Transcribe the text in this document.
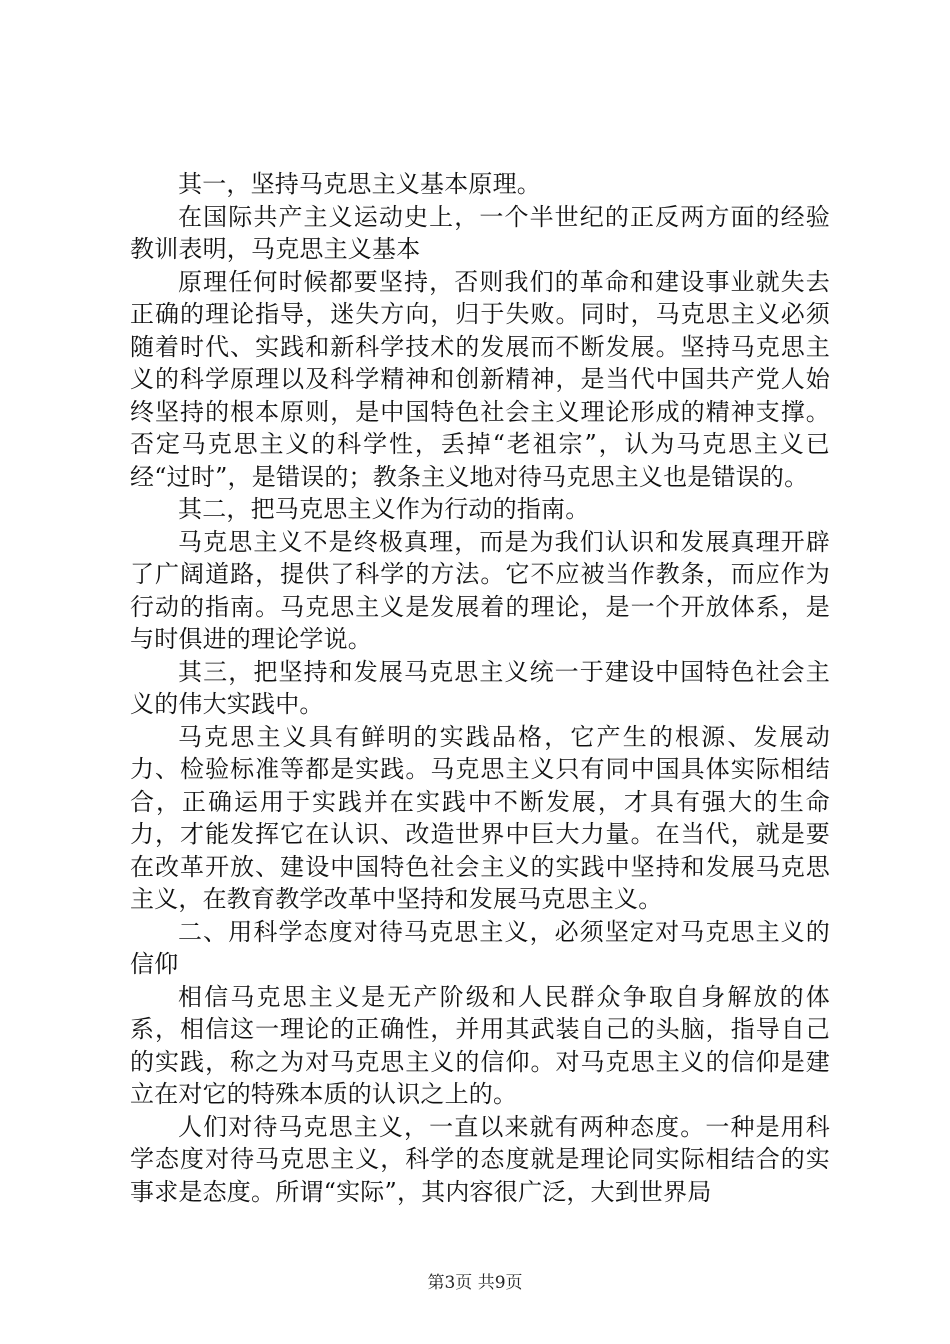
其一，坚持马克思主义基本原理。

在国际共产主义运动史上，一个半世纪的正反两方面的经验教训表明，马克思主义基本

原理任何时候都要坚持，否则我们的革命和建设事业就失去正确的理论指导，迷失方向，归于失败。同时，马克思主义必须随着时代、实践和新科学技术的发展而不断发展。坚持马克思主义的科学原理以及科学精神和创新精神，是当代中国共产党人始终坚持的根本原则，是中国特色社会主义理论形成的精神支撑。否定马克思主义的科学性，丢掉“老祖宗”，认为马克思主义已经“过时”，是错误的；教条主义地对待马克思主义也是错误的。

其二，把马克思主义作为行动的指南。

马克思主义不是终极真理，而是为我们认识和发展真理开辟了广阔道路，提供了科学的方法。它不应被当作教条，而应作为行动的指南。马克思主义是发展着的理论，是一个开放体系，是与时俱进的理论学说。

其三，把坚持和发展马克思主义统一于建设中国特色社会主义的伟大实践中。

马克思主义具有鲜明的实践品格，它产生的根源、发展动力、检验标准等都是实践。马克思主义只有同中国具体实际相结合，正确运用于实践并在实践中不断发展，才具有强大的生命力，才能发挥它在认识、改造世界中巨大力量。在当代，就是要在改革开放、建设中国特色社会主义的实践中坚持和发展马克思主义，在教育教学改革中坚持和发展马克思主义。

二、用科学态度对待马克思主义，必须坚定对马克思主义的信仰

相信马克思主义是无产阶级和人民群众争取自身解放的体系，相信这一理论的正确性，并用其武装自己的头脑，指导自己的实践，称之为对马克思主义的信仰。对马克思主义的信仰是建立在对它的特殊本质的认识之上的。

人们对待马克思主义，一直以来就有两种态度。一种是用科学态度对待马克思主义，科学的态度就是理论同实际相结合的实事求是态度。所谓“实际”，其内容很广泛，大到世界局

第3页 共9页
